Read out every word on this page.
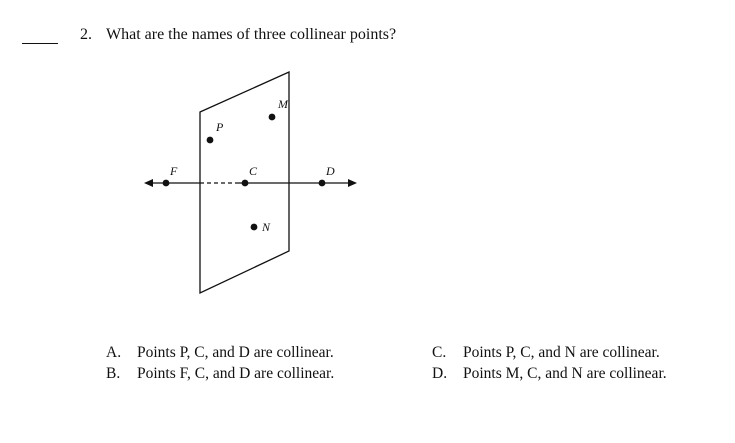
2. What are the names of three collinear points?
P
M
F	C	D
N
A. Points P, C, and D are collinear.
B. Points F, C, and D are collinear.
C. Points P, C, and N are collinear.
D. Points M, C, and N are collinear.
